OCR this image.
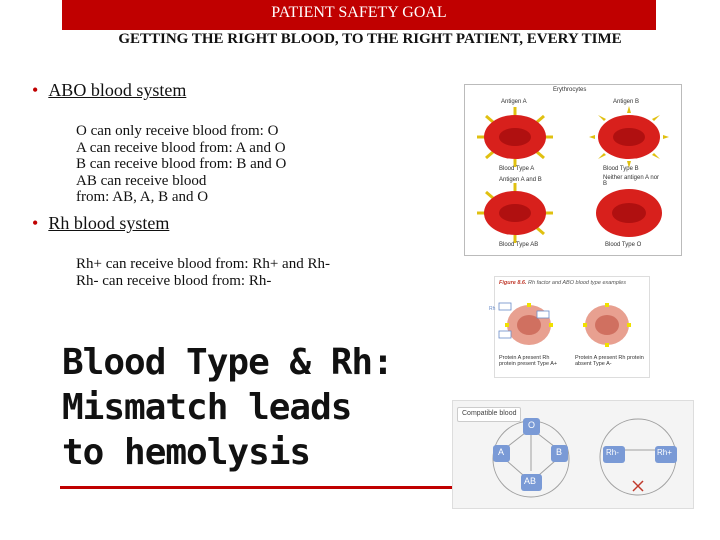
PATIENT SAFETY GOAL
GETTING THE RIGHT BLOOD, TO THE RIGHT PATIENT, EVERY TIME
• ABO blood system
O can only receive blood from: O
A can receive blood from: A and O
B can receive blood from: B and O
AB can receive blood
from: AB, A, B and O
• Rh blood system
Rh+ can receive blood from: Rh+ and Rh-
Rh- can receive blood from: Rh-
Blood Type & Rh:
Mismatch leads
to hemolysis
Erythrocytes
Antigen A	Antigen B
Blood Type A	Blood Type B
Antigen A and B	Neither antigen A nor B
Blood Type AB	Blood Type O
Figure 8.6. Rh factor and ABO blood type examples
Rh
Protein A present Rh protein present Type A+
Protein A present Rh protein absent Type A-
Compatible blood
O
A	B
AB
Rh-	Rh+
